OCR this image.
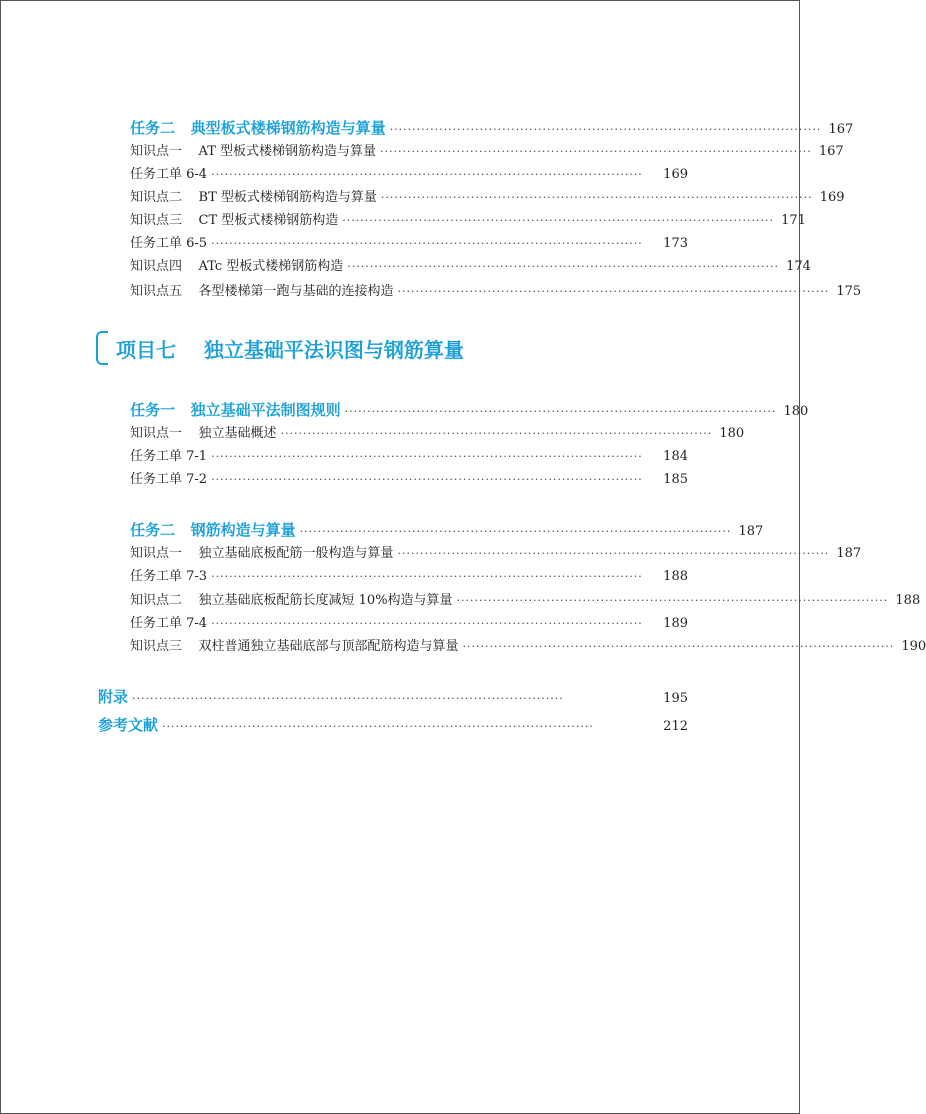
任务二   典型板式楼梯钢筋构造与算量 ································································································ 167
知识点一    AT 型板式楼梯钢筋构造与算量 ································································································ 167
任务工单 6-4 ································································································	169
知识点二    BT 型板式楼梯钢筋构造与算量 ································································································ 169
知识点三    CT 型板式楼梯钢筋构造 ································································································ 171
任务工单 6-5 ································································································	173
知识点四    ATc 型板式楼梯钢筋构造 ································································································ 174
知识点五    各型楼梯第一跑与基础的连接构造 ································································································ 175
项目七    独立基础平法识图与钢筋算量
任务一   独立基础平法制图规则 ································································································ 180
知识点一    独立基础概述 ································································································ 180
任务工单 7-1 ································································································	184
任务工单 7-2 ································································································	185
任务二   钢筋构造与算量 ································································································ 187
知识点一    独立基础底板配筋一般构造与算量 ································································································ 187
任务工单 7-3 ································································································	188
知识点二    独立基础底板配筋长度减短 10%构造与算量 ································································································ 188
任务工单 7-4 ································································································	189
知识点三    双柱普通独立基础底部与顶部配筋构造与算量 ································································································ 190
附录 ································································································	195
参考文献 ································································································	212
